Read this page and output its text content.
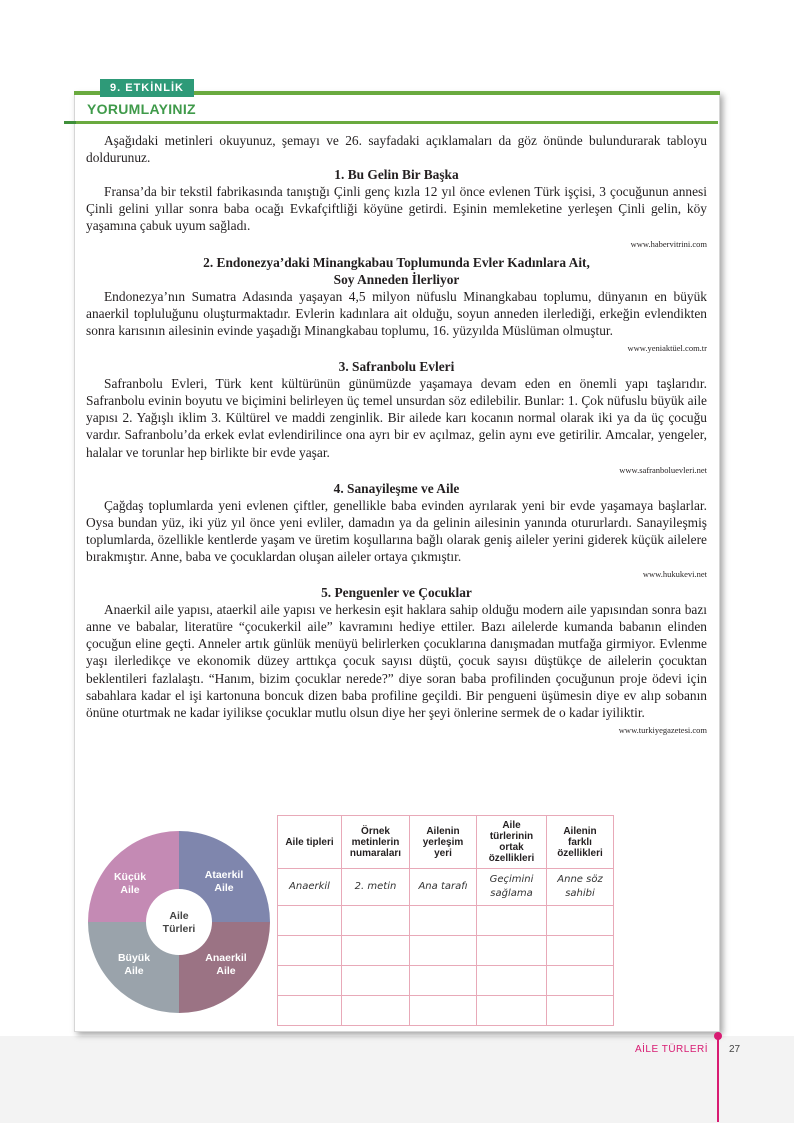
9. ETKİNLİK
YORUMLAYINIZ

Aşağıdaki metinleri okuyunuz, şemayı ve 26. sayfadaki açıklamaları da göz önünde bulundurarak tabloyu doldurunuz.

1. Bu Gelin Bir Başka

Fransa’da bir tekstil fabrikasında tanıştığı Çinli genç kızla 12 yıl önce evlenen Türk işçisi, 3 çocuğunun annesi Çinli gelini yıllar sonra baba ocağı Evkafçiftliği köyüne getirdi. Eşinin memleketine yerleşen Çinli gelin, köy yaşamına çabuk uyum sağladı.

www.habervitrini.com
2. Endonezya’daki Minangkabau Toplumunda Evler Kadınlara Ait,
Soy Anneden İlerliyor

Endonezya’nın Sumatra Adasında yaşayan 4,5 milyon nüfuslu Minangkabau toplumu, dünyanın en büyük anaerkil topluluğunu oluşturmaktadır. Evlerin kadınlara ait olduğu, soyun anneden ilerlediği, erkeğin evlendikten sonra karısının ailesinin evinde yaşadığı Minangkabau toplumu, 16. yüzyılda Müslüman olmuştur.

www.yeniaktüel.com.tr
3. Safranbolu Evleri

Safranbolu Evleri, Türk kent kültürünün günümüzde yaşamaya devam eden en önemli yapı taşlarıdır. Safranbolu evinin boyutu ve biçimini belirleyen üç temel unsurdan söz edilebilir. Bunlar: 1. Çok nüfuslu büyük aile yapısı 2. Yağışlı iklim 3. Kültürel ve maddi zenginlik. Bir ailede karı kocanın normal olarak iki ya da üç çocuğu vardır. Safranbolu’da erkek evlat evlendirilince ona ayrı bir ev açılmaz, gelin aynı eve getirilir. Amcalar, yengeler, halalar ve torunlar hep birlikte bir evde yaşar.

www.safranboluevleri.net
4. Sanayileşme ve Aile

Çağdaş toplumlarda yeni evlenen çiftler, genellikle baba evinden ayrılarak yeni bir evde yaşamaya başlarlar. Oysa bundan yüz, iki yüz yıl önce yeni evliler, damadın ya da gelinin ailesinin yanında otururlardı. Sanayileşmiş toplumlarda, özellikle kentlerde yaşam ve üretim koşullarına bağlı olarak geniş aileler yerini giderek küçük ailelere bırakmıştır. Anne, baba ve çocuklardan oluşan aileler ortaya çıkmıştır.

www.hukukevi.net
5. Penguenler ve Çocuklar

Anaerkil aile yapısı, ataerkil aile yapısı ve herkesin eşit haklara sahip olduğu modern aile yapısından sonra bazı anne ve babalar, literatüre “çocukerkil aile” kavramını hediye ettiler. Bazı ailelerde kumanda babanın elinden çocuğun eline geçti. Anneler artık günlük menüyü belirlerken çocuklarına danışmadan mutfağa girmiyor. Evlenme yaşı ilerledikçe ve ekonomik düzey arttıkça çocuk sayısı düştü, çocuk sayısı düştükçe de ailelerin çocuktan beklentileri fazlalaştı. “Hanım, bizim çocuklar nerede?” diye soran baba profilinden çocuğunun proje ödevi için sabahlara kadar el işi kartonuna boncuk dizen baba profiline geçildi. Bir pengueni üşümesin diye ev alıp sobanın önüne oturtmak ne kadar iyilikse çocuklar mutlu olsun diye her şeyi önlerine sermek de o kadar iyiliktir.

www.turkiyegazetesi.com
Küçük
Aile
Ataerkil
Aile
Anaerkil
Aile
Büyük
Aile
Aile
Türleri
Aile tipleri	Örnek
metinlerin
numaraları	Ailenin
yerleşim
yeri	Aile
türlerinin
ortak
özellikleri	Ailenin
farklı
özellikleri
Anaerkil	2. metin	Ana tarafı	Geçimini
sağlama	Anne söz
sahibi

AİLE TÜRLERİ 27
